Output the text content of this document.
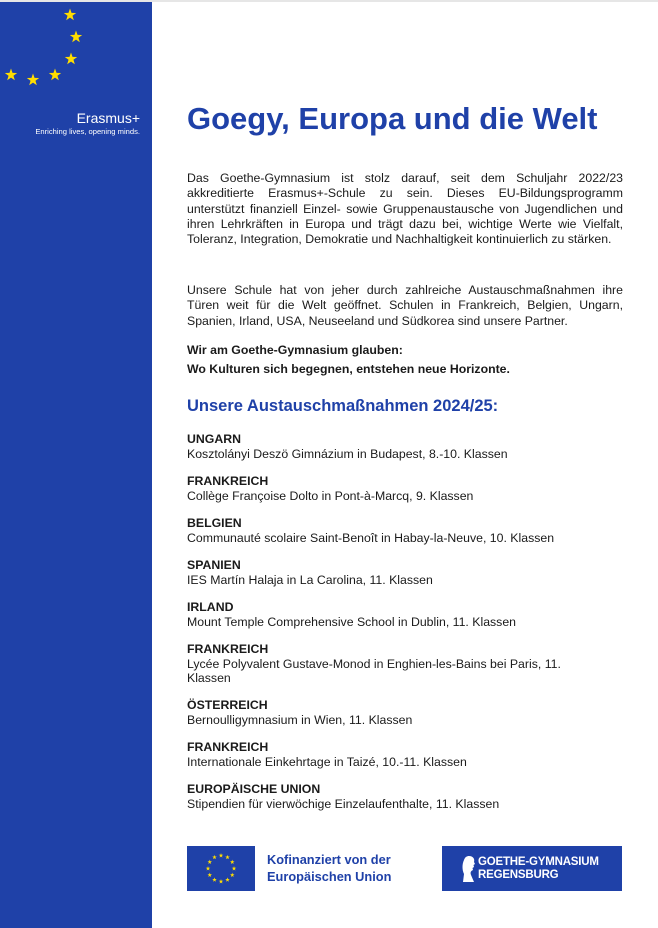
Erasmus+
Enriching lives, opening minds. Goegy, Europa und die Welt

Das Goethe-Gymnasium ist stolz darauf, seit dem Schuljahr 2022/23 akkreditierte Erasmus+-Schule zu sein. Dieses EU-Bildungsprogramm unterstützt finanziell Einzel- sowie Gruppenaustausche von Jugendlichen und ihren Lehrkräften in Europa und trägt dazu bei, wichtige Werte wie Vielfalt, Toleranz, Integration, Demokratie und Nachhaltigkeit kontinuierlich zu stärken.

Unsere Schule hat von jeher durch zahlreiche Austauschmaßnahmen ihre Türen weit für die Welt geöffnet. Schulen in Frankreich, Belgien, Ungarn, Spanien, Irland, USA, Neuseeland und Südkorea sind unsere Partner.

Wir am Goethe-Gymnasium glauben:
Wo Kulturen sich begegnen, entstehen neue Horizonte.
Unsere Austauschmaßnahmen 2024/25:
UNGARN
Kosztolányi Deszö Gimnázium in Budapest, 8.-10. Klassen
FRANKREICH
Collège Françoise Dolto in Pont-à-Marcq, 9. Klassen
BELGIEN
Communauté scolaire Saint-Benoît in Habay-la-Neuve, 10. Klassen
SPANIEN
IES Martín Halaja in La Carolina, 11. Klassen
IRLAND
Mount Temple Comprehensive School in Dublin, 11. Klassen
FRANKREICH
Lycée Polyvalent Gustave-Monod in Enghien-les-Bains bei Paris, 11. Klassen
ÖSTERREICH
Bernoulligymnasium in Wien, 11. Klassen
FRANKREICH
Internationale Einkehrtage in Taizé, 10.-11. Klassen
EUROPÄISCHE UNION
Stipendien für vierwöchige Einzelaufenthalte, 11. Klassen
Kofinanziert von der
Europäischen Union
GOETHE-GYMNASIUM
REGENSBURG
